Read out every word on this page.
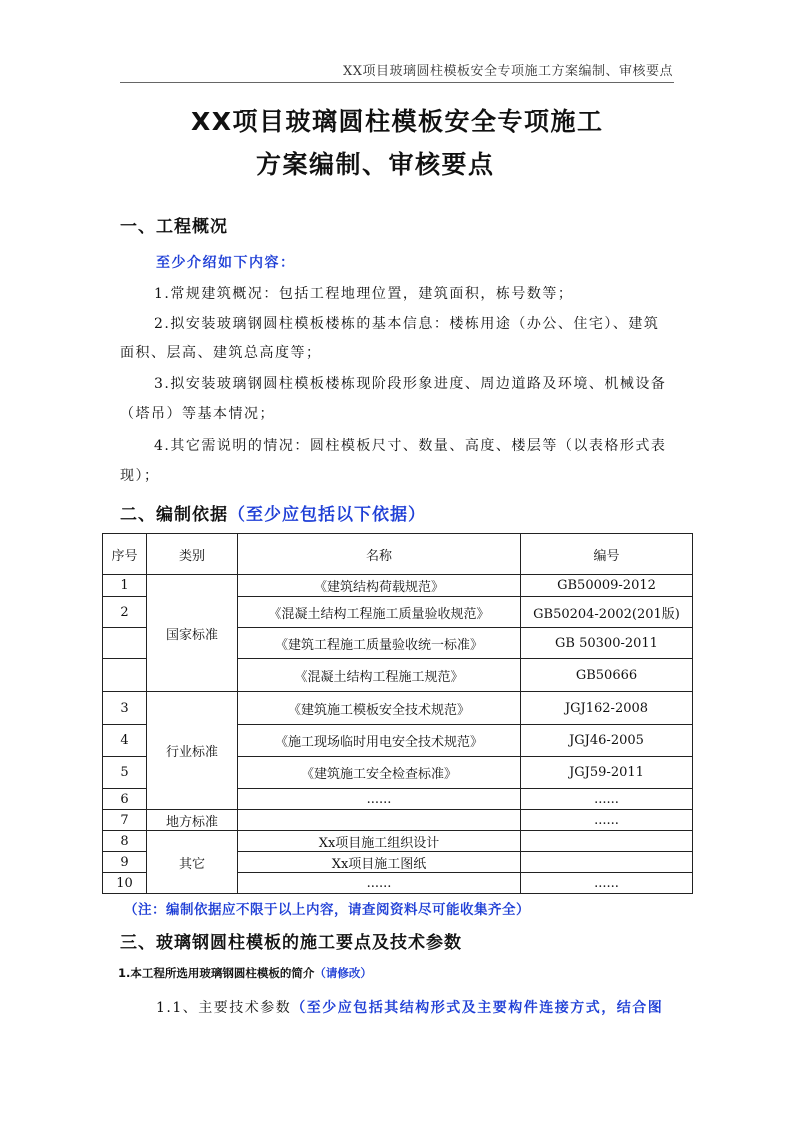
XX项目玻璃圆柱模板安全专项施工方案编制、审核要点
XX项目玻璃圆柱模板安全专项施工
方案编制、审核要点
一、工程概况
至少介绍如下内容：
1.常规建筑概况：包括工程地理位置，建筑面积，栋号数等；
2.拟安装玻璃钢圆柱模板楼栋的基本信息：楼栋用途（办公、住宅）、建筑
面积、层高、建筑总高度等；
3.拟安装玻璃钢圆柱模板楼栋现阶段形象进度、周边道路及环境、机械设备
（塔吊）等基本情况；
4.其它需说明的情况：圆柱模板尺寸、数量、高度、楼层等（以表格形式表
现）；
二、编制依据（至少应包括以下依据）
序号	类别	名称	编号
1	国家标准	《建筑结构荷载规范》	GB50009-2012
2		《混凝土结构工程施工质量验收规范》	GB50204-2002(201版)
		《建筑工程施工质量验收统一标准》	GB 50300-2011
		《混凝土结构工程施工规范》	GB50666
3	行业标准	《建筑施工模板安全技术规范》	JGJ162-2008
4		《施工现场临时用电安全技术规范》	JGJ46-2005
5		《建筑施工安全检查标准》	JGJ59-2011
6		......	......
7	地方标准		......
8	其它	Xx项目施工组织设计	
9		Xx项目施工图纸	
10		......	......
（注：编制依据应不限于以上内容，请查阅资料尽可能收集齐全）
三、玻璃钢圆柱模板的施工要点及技术参数
1.本工程所选用玻璃钢圆柱模板的简介（请修改）
1.1、主要技术参数（至少应包括其结构形式及主要构件连接方式，结合图
